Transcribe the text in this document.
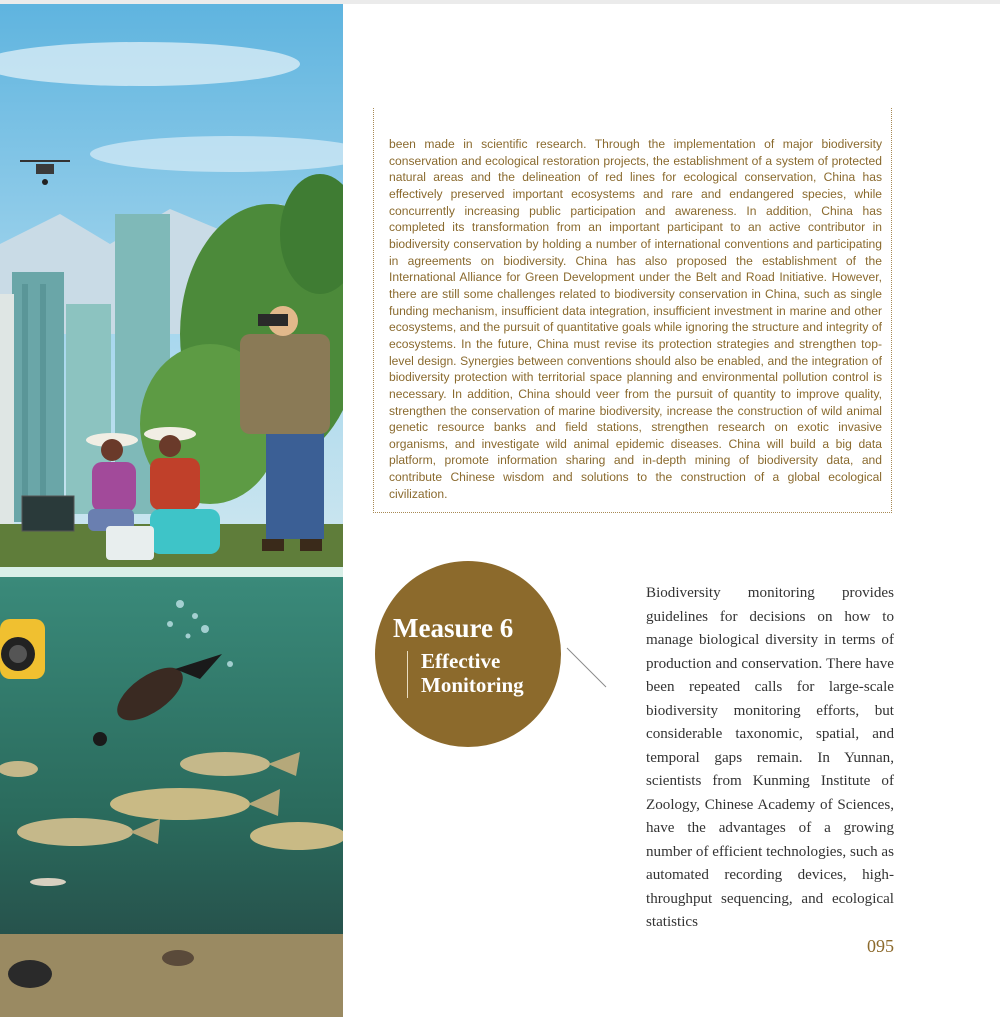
been made in scientific research. Through the implementation of major biodiversity conservation and ecological restoration projects, the establishment of a system of protected natural areas and the delineation of red lines for ecological conservation, China has effectively preserved important ecosystems and rare and endangered species, while concurrently increasing public participation and awareness. In addition, China has completed its transformation from an important participant to an active contributor in biodiversity conservation by holding a number of international conventions and participating in agreements on biodiversity. China has also proposed the establishment of the International Alliance for Green Development under the Belt and Road Initiative. However, there are still some challenges related to biodiversity conservation in China, such as single funding mechanism, insufficient data integration, insufficient investment in marine and other ecosystems, and the pursuit of quantitative goals while ignoring the structure and integrity of ecosystems. In the future, China must revise its protection strategies and strengthen top-level design. Synergies between conventions should also be enabled, and the integration of biodiversity protection with territorial space planning and environmental pollution control is necessary. In addition, China should veer from the pursuit of quantity to improve quality, strengthen the conservation of marine biodiversity, increase the construction of wild animal genetic resource banks and field stations, strengthen research on exotic invasive organisms, and investigate wild animal epidemic diseases. China will build a big data platform, promote information sharing and in-depth mining of biodiversity data, and contribute Chinese wisdom and solutions to the construction of a global ecological civilization.

Measure 6
Effective
Monitoring

Biodiversity monitoring provides guidelines for decisions on how to manage biological diversity in terms of production and conservation. There have been repeated calls for large-scale biodiversity monitoring efforts, but considerable taxonomic, spatial, and temporal gaps remain. In Yunnan, scientists from Kunming Institute of Zoology, Chinese Academy of Sciences, have the advantages of a growing number of efficient technologies, such as automated recording devices, high-throughput sequencing, and ecological statistics

095
